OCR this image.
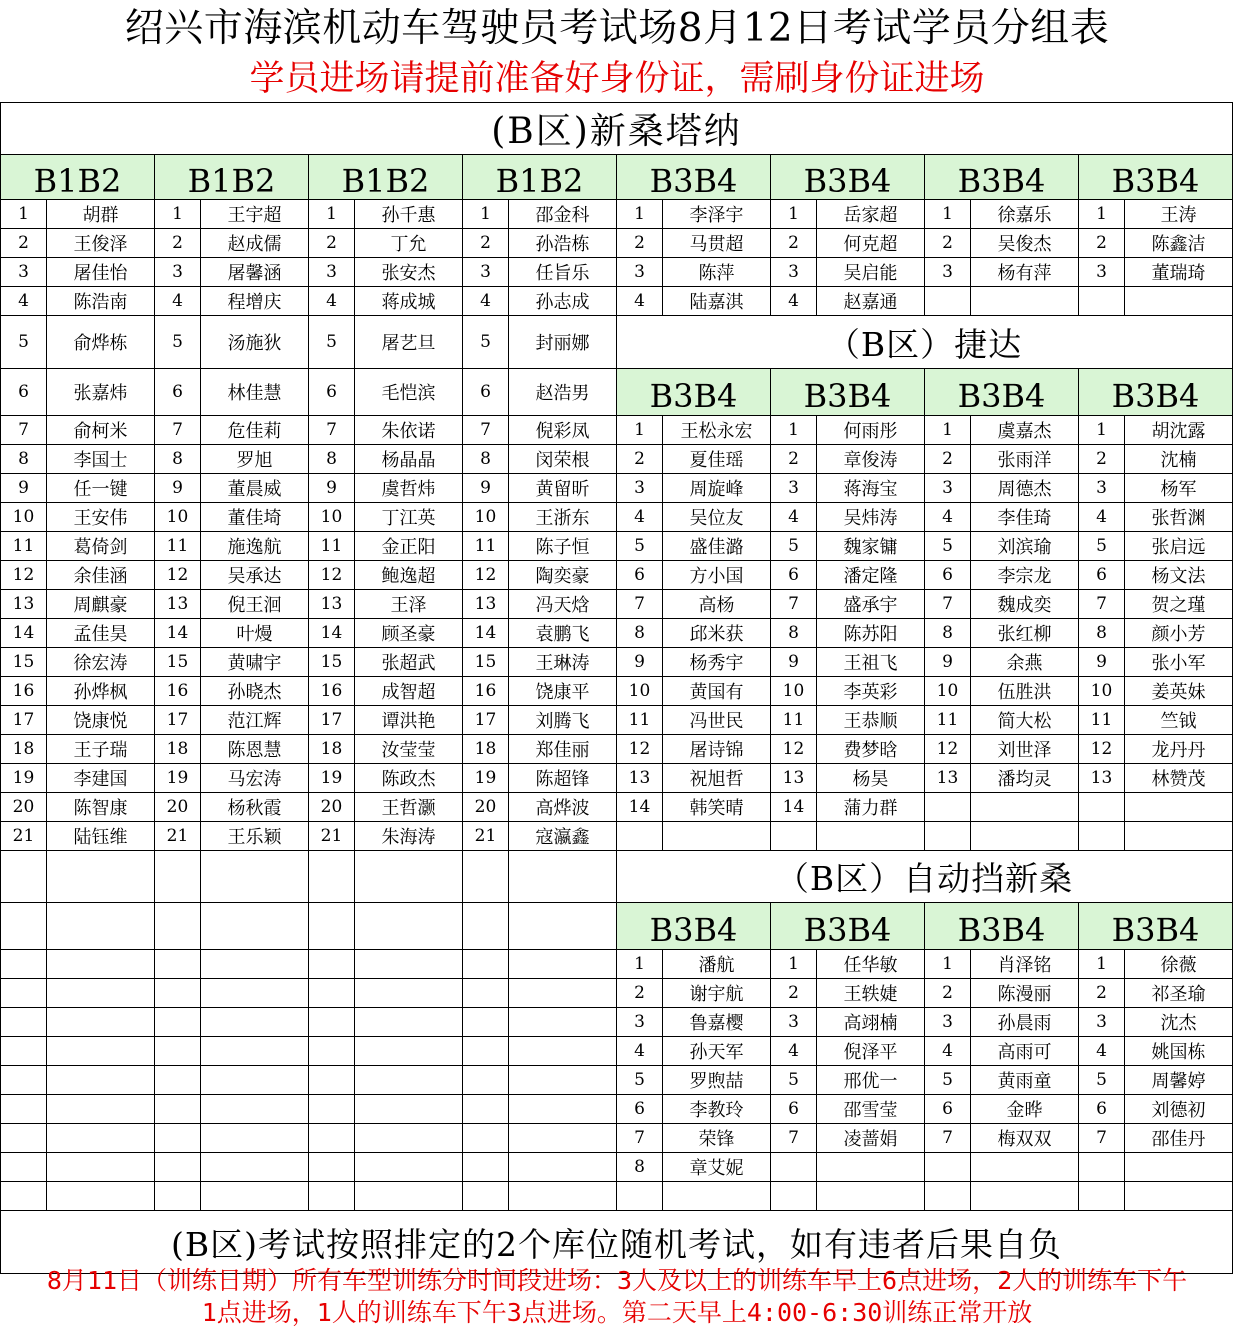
绍兴市海滨机动车驾驶员考试场8月12日考试学员分组表
学员进场请提前准备好身份证，需刷身份证进场
(B区)新桑塔纳															
B1B2		B1B2		B1B2		B1B2		B3B4		B3B4		B3B4		B3B4	
1	胡群	1	王宇超	1	孙千惠	1	邵金科	1	李泽宇	1	岳家超	1	徐嘉乐	1	王涛
2	王俊泽	2	赵成儒	2	丁允	2	孙浩栋	2	马贯超	2	何克超	2	吴俊杰	2	陈鑫洁
3	屠佳怡	3	屠馨涵	3	张安杰	3	任旨乐	3	陈萍	3	吴启能	3	杨有萍	3	董瑞琦
4	陈浩南	4	程增庆	4	蒋成城	4	孙志成	4	陆嘉淇	4	赵嘉通				
5	俞烨栋	5	汤施狄	5	屠艺旦	5	封丽娜	（B区）捷达							
6	张嘉炜	6	林佳慧	6	毛恺滨	6	赵浩男	B3B4		B3B4		B3B4		B3B4	
7	俞柯米	7	危佳莉	7	朱依诺	7	倪彩凤	1	王松永宏	1	何雨彤	1	虞嘉杰	1	胡沈露
8	李国士	8	罗旭	8	杨晶晶	8	闵荣根	2	夏佳瑶	2	章俊涛	2	张雨洋	2	沈楠
9	任一键	9	董晨威	9	虞哲炜	9	黄留昕	3	周旋峰	3	蒋海宝	3	周德杰	3	杨军
10	王安伟	10	董佳埼	10	丁江英	10	王浙东	4	吴位友	4	吴炜涛	4	李佳琦	4	张哲渊
11	葛倚剑	11	施逸航	11	金正阳	11	陈子恒	5	盛佳潞	5	魏家镛	5	刘滨瑜	5	张启远
12	余佳涵	12	吴承达	12	鲍逸超	12	陶奕豪	6	方小国	6	潘定隆	6	李宗龙	6	杨文法
13	周麒豪	13	倪王洄	13	王泽	13	冯天焓	7	高杨	7	盛承宇	7	魏成奕	7	贺之瑾
14	孟佳昊	14	叶熳	14	顾圣豪	14	袁鹏飞	8	邱米获	8	陈苏阳	8	张红柳	8	颜小芳
15	徐宏涛	15	黄啸宇	15	张超武	15	王琳涛	9	杨秀宇	9	王祖飞	9	余燕	9	张小军
16	孙烨枫	16	孙晓杰	16	成智超	16	饶康平	10	黄国有	10	李英彩	10	伍胜洪	10	姜英妹
17	饶康悦	17	范江辉	17	谭洪艳	17	刘腾飞	11	冯世民	11	王恭顺	11	简大松	11	竺钺
18	王子瑞	18	陈恩慧	18	汝莹莹	18	郑佳丽	12	屠诗锦	12	费梦晗	12	刘世泽	12	龙丹丹
19	李建国	19	马宏涛	19	陈政杰	19	陈超锋	13	祝旭哲	13	杨昊	13	潘均灵	13	林赞茂
20	陈智康	20	杨秋霞	20	王哲灏	20	高烨波	14	韩笑晴	14	蒲力群				
21	陆钰维	21	王乐颖	21	朱海涛	21	寇瀛鑫								
								（B区）自动挡新桑							
								B3B4		B3B4		B3B4		B3B4	
								1	潘航	1	任华敏	1	肖泽铭	1	徐薇
								2	谢宇航	2	王轶婕	2	陈漫丽	2	祁圣瑜
								3	鲁嘉樱	3	高翊楠	3	孙晨雨	3	沈杰
								4	孙天军	4	倪泽平	4	高雨可	4	姚国栋
								5	罗煦喆	5	邢优一	5	黄雨童	5	周馨婷
								6	李教玲	6	邵雪莹	6	金晔	6	刘德初
								7	荣锋	7	凌蔷娟	7	梅双双	7	邵佳丹
								8	章艾妮						

(B区)考试按照排定的2个库位随机考试，如有违者后果自负															
8月11日（训练日期）所有车型训练分时间段进场：3人及以上的训练车早上6点进场，2人的训练车下午
1点进场，1人的训练车下午3点进场。第二天早上4:00-6:30训练正常开放
